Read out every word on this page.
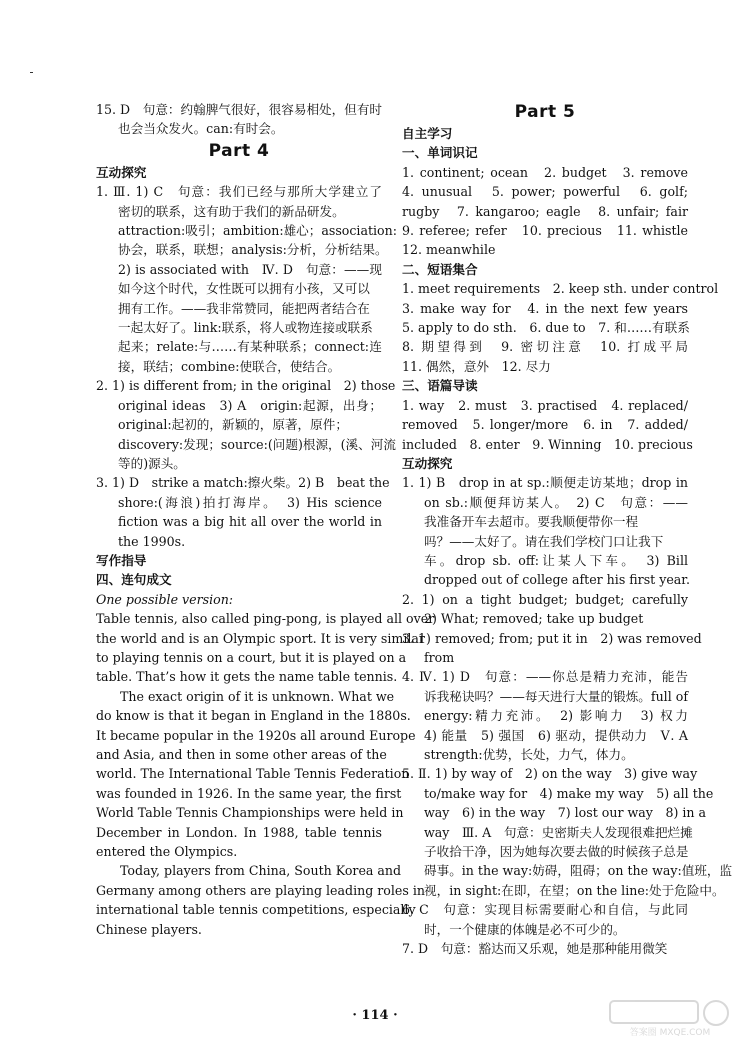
15. D　句意：约翰脾气很好，很容易相处，但有时
也会当众发火。can:有时会。
Part 4
互动探究
1. Ⅲ. 1) C　句意：我们已经与那所大学建立了
密切的联系，这有助于我们的新品研发。
attraction:吸引；ambition:雄心；association:
协会，联系，联想；analysis:分析，分析结果。
2) is associated with　Ⅳ. D　句意：——现
如今这个时代，女性既可以拥有小孩，又可以
拥有工作。——我非常赞同，能把两者结合在
一起太好了。link:联系，将人或物连接或联系
起来；relate:与……有某种联系；connect:连
接，联结；combine:使联合，使结合。
2. 1) is different from; in the original　2) those
original ideas　3) A　origin:起源，出身；
original:起初的，新颖的，原著，原件；
discovery:发现；source:(问题)根源，(溪、河流
等的)源头。
3. 1) D　strike a match:擦火柴。2) B　beat the
shore:(海浪)拍打海岸。　3) His science
fiction was a big hit all over the world in
the 1990s.
写作指导
四、连句成文
One possible version:
Table tennis, also called ping-pong, is played all over
the world and is an Olympic sport. It is very similar
to playing tennis on a court, but it is played on a
table. That’s how it gets the name table tennis.
The exact origin of it is unknown. What we
do know is that it began in England in the 1880s.
It became popular in the 1920s all around Europe
and Asia, and then in some other areas of the
world. The International Table Tennis Federation
was founded in 1926. In the same year, the first
World Table Tennis Championships were held in
December in London. In 1988, table tennis
entered the Olympics.
Today, players from China, South Korea and
Germany among others are playing leading roles in
international table tennis competitions, especially
Chinese players.
Part 5
自主学习
一、单词识记
1. continent; ocean　2. budget　3. remove
4. unusual　5. power; powerful　6. golf;
rugby　7. kangaroo; eagle　8. unfair; fair
9. referee; refer　10. precious　11. whistle
12. meanwhile
二、短语集合
1. meet requirements　2. keep sth. under control
3. make way for　4. in the next few years
5. apply to do sth.　6. due to　7. 和……有联系
8. 期望得到　9. 密切注意　10. 打成平局
11. 偶然，意外　12. 尽力
三、语篇导读
1. way　2. must　3. practised　4. replaced/
removed　5. longer/more　6. in　7. added/
included　8. enter　9. Winning　10. precious
互动探究
1. 1) B　drop in at sp.:顺便走访某地；drop in
on sb.:顺便拜访某人。　2) C　句意：——
我准备开车去超市。要我顺便带你一程
吗？——太好了。请在我们学校门口让我下
车。drop sb. off:让某人下车。　3) Bill
dropped out of college after his first year.
2. 1) on a tight budget; budget; carefully
2) What; removed; take up budget
3. 1) removed; from; put it in　2) was removed
from
4. Ⅳ. 1) D　句意：——你总是精力充沛，能告
诉我秘诀吗？——每天进行大量的锻炼。full of
energy:精力充沛。　2) 影响力　3) 权力
4) 能量　5) 强国　6) 驱动，提供动力　Ⅴ. A
strength:优势，长处，力气，体力。
5. Ⅱ. 1) by way of　2) on the way　3) give way
to/make way for　4) make my way　5) all the
way　6) in the way　7) lost our way　8) in a
way　Ⅲ. A　句意：史密斯夫人发现很难把烂摊
子收拾干净，因为她每次要去做的时候孩子总是
碍事。in the way:妨碍，阻碍；on the way:值班，监
视，in sight:在即，在望；on the line:处于危险中。
6. C　句意：实现目标需要耐心和自信，与此同
时，一个健康的体魄是必不可少的。
7. D　句意：豁达而又乐观，她是那种能用微笑
· 114 ·
答案圈 MXQE.COM
